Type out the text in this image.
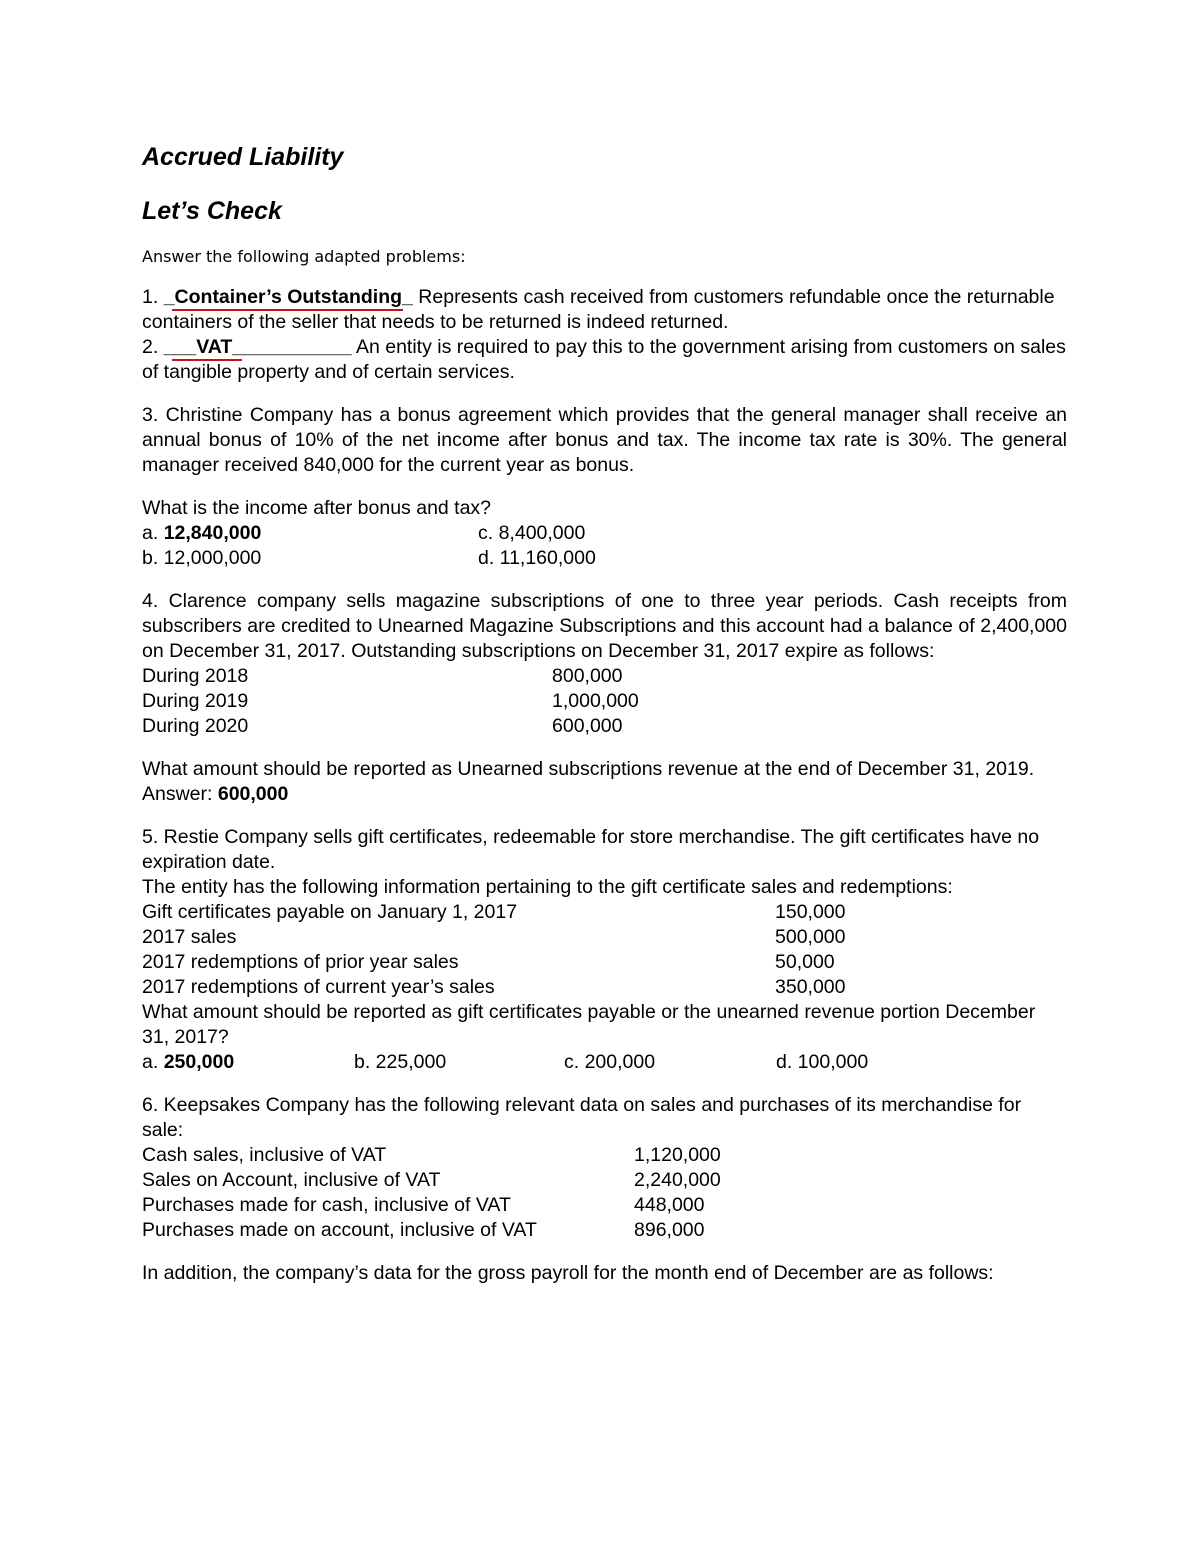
Accrued Liability

Let’s Check

Answer the following adapted problems:

1. _Container’s Outstanding_
Represents cash received from customers refundable once the returnable containers of the seller that needs to be returned is indeed returned.

2. ___VAT___________
An entity is required to pay this to the government arising from customers on sales of tangible property and of certain services.

3. Christine Company has a bonus agreement which provides that the general manager shall receive an annual bonus of 10% of the net income after bonus and tax. The income tax rate is 30%. The general manager received 840,000 for the current year as bonus.

What is the income after bonus and tax?

a. 12,840,000	c. 8,400,000
b. 12,000,000	d. 11,160,000

4. Clarence company sells magazine subscriptions of one to three year periods. Cash receipts from subscribers are credited to Unearned Magazine Subscriptions and this account had a balance of 2,400,000 on December 31, 2017. Outstanding subscriptions on December 31, 2017 expire as follows:

During 2018	800,000
During 2019	1,000,000
During 2020	600,000

What amount should be reported as Unearned subscriptions revenue at the end of December 31, 2019.

Answer: 600,000

5. Restie Company sells gift certificates, redeemable for store merchandise. The gift certificates have no expiration date.

The entity has the following information pertaining to the gift certificate sales and redemptions:

Gift certificates payable on January 1, 2017	150,000
2017 sales	500,000
2017 redemptions of prior year sales	50,000
2017 redemptions of current year’s sales	350,000

What amount should be reported as gift certificates payable or the unearned revenue portion December 31, 2017?

a. 250,000	b. 225,000	c. 200,000	d. 100,000

6. Keepsakes Company has the following relevant data on sales and purchases of its merchandise for sale:

Cash sales, inclusive of VAT	1,120,000
Sales on Account, inclusive of VAT	2,240,000
Purchases made for cash, inclusive of VAT	448,000
Purchases made on account, inclusive of VAT	896,000

In addition, the company’s data for the gross payroll for the month end of December are as follows:
